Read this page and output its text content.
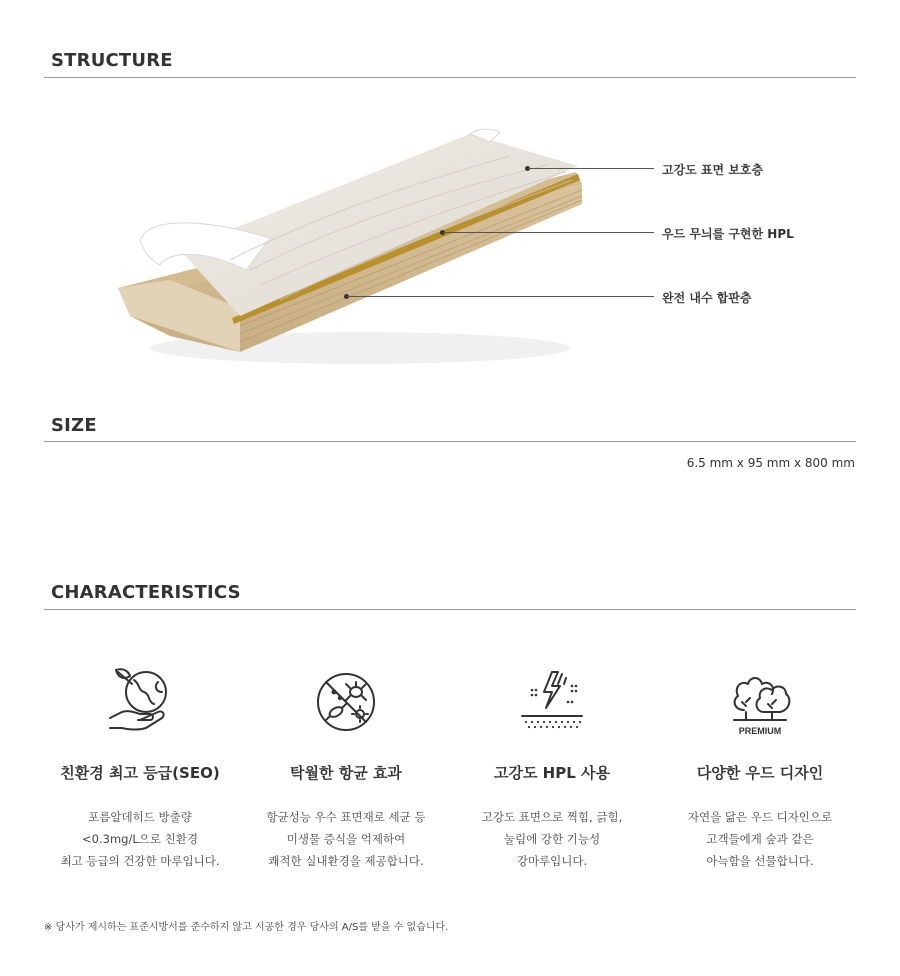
STRUCTURE
고강도 표면 보호층
우드 무늬를 구현한 HPL
완전 내수 합판층
SIZE
6.5 mm x 95 mm x 800 mm
CHARACTERISTICS
친환경 최고 등급(SEO)
포름알데히드 방출량
<0.3mg/L으로 친환경
최고 등급의 건강한 마루입니다.
탁월한 항균 효과
항균성능 우수 표면재로 세균 등
미생물 증식을 억제하여
쾌적한 실내환경을 제공합니다.
고강도 HPL 사용
고강도 표면으로 찍힘, 긁힘,
눌림에 강한 기능성
강마루입니다.
PREMIUM
다양한 우드 디자인
자연을 닮은 우드 디자인으로
고객들에게 숲과 같은
아늑함을 선물합니다.
※ 당사가 제시하는 표준시방서를 준수하지 않고 시공한 경우 당사의 A/S를 받을 수 없습니다.
